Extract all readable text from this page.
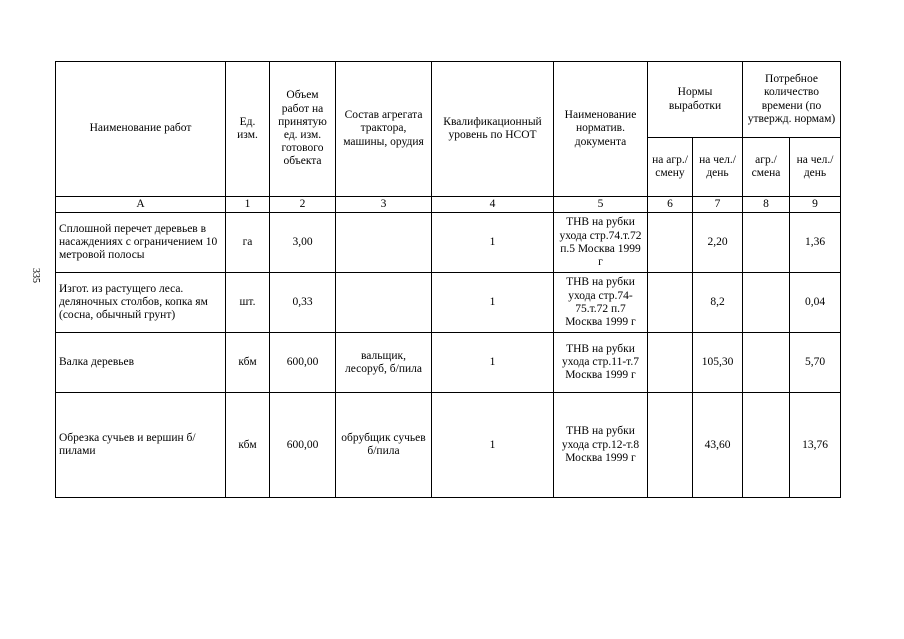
335
Наименование работ	Ед. изм.	Объем работ на принятую ед. изм. готового объекта	Состав агрегата трактора, машины, орудия	Квалификационный уровень по НСОТ	Наименование норматив. документа	Нормы выработки		Потребное количество времени (по утвержд. нормам)	
						на агр./ смену	на чел./ день	агр./ смена	на чел./ день
А	1	2	3	4	5	6	7	8	9
Сплошной перечет деревьев в насаждениях с ограничением 10 метровой полосы	га	3,00		1	ТНВ на рубки ухода стр.74.т.72 п.5 Москва 1999 г		2,20		1,36
Изгот. из растущего леса. деляночных столбов, копка ям (сосна, обычный грунт)	шт.	0,33		1	ТНВ на рубки ухода стр.74-75.т.72 п.7 Москва 1999 г		8,2		0,04
Валка деревьев	кбм	600,00	вальщик, лесоруб, б/пила	1	ТНВ на рубки ухода стр.11-т.7 Москва 1999 г		105,30		5,70
Обрезка сучьев и вершин б/пилами	кбм	600,00	обрубщик сучьев б/пила	1	ТНВ на рубки ухода стр.12-т.8 Москва 1999 г		43,60		13,76
